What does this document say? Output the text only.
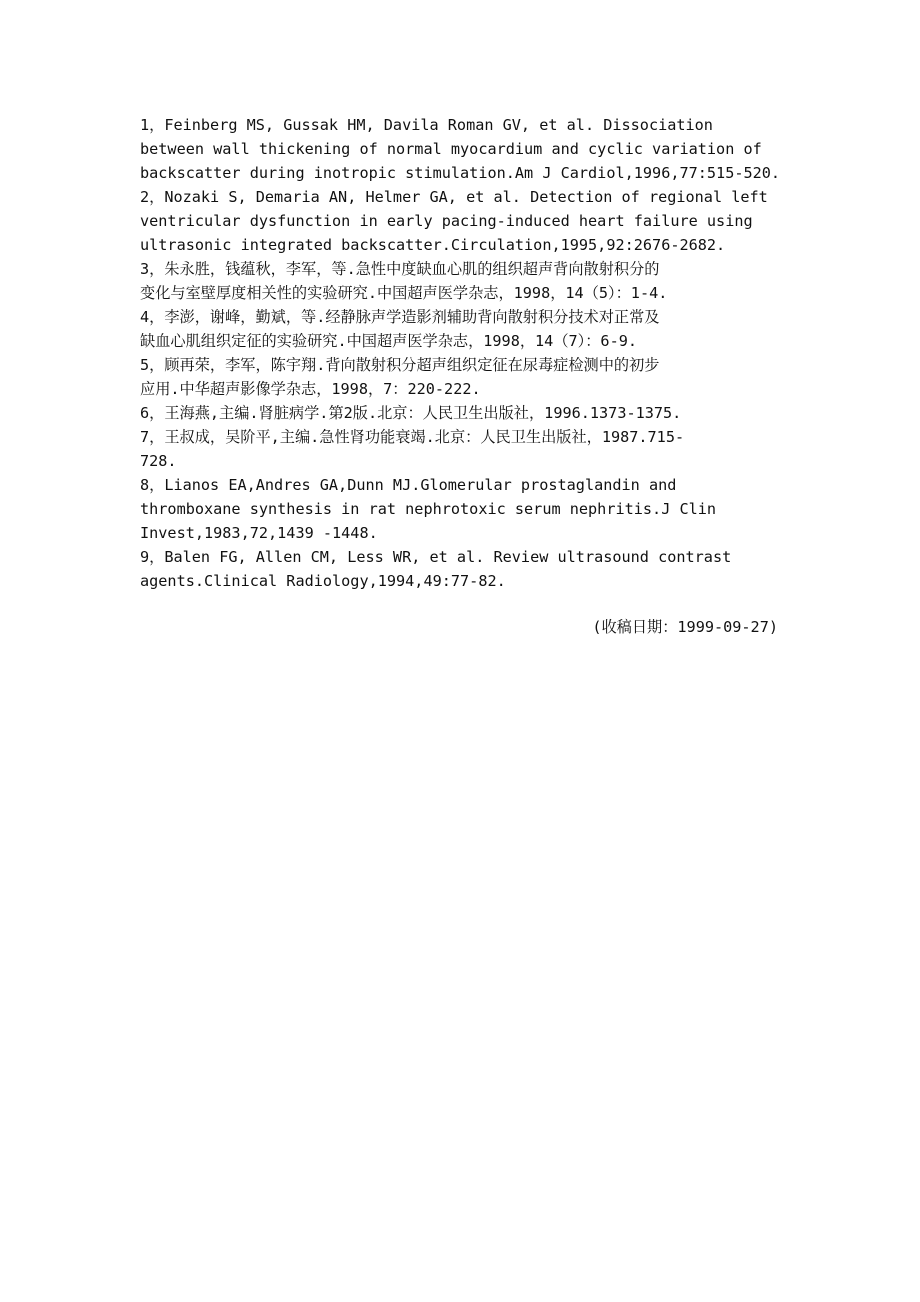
1，Feinberg MS, Gussak HM, Davila Roman GV, et al. Dissociation
between wall thickening of normal myocardium and cyclic variation of
backscatter during inotropic stimulation.Am J Cardiol,1996,77:515-520.

2，Nozaki S, Demaria AN, Helmer GA, et al. Detection of regional left
ventricular dysfunction in early pacing-induced heart failure using
ultrasonic integrated backscatter.Circulation,1995,92:2676-2682.

3，朱永胜，钱蕴秋，李军，等.急性中度缺血心肌的组织超声背向散射积分的
变化与室壁厚度相关性的实验研究.中国超声医学杂志，1998，14（5）：1-4.

4，李澎，谢峰，勤斌，等.经静脉声学造影剂辅助背向散射积分技术对正常及
缺血心肌组织定征的实验研究.中国超声医学杂志，1998，14（7）：6-9.

5，顾再荣，李军，陈宇翔.背向散射积分超声组织定征在尿毒症检测中的初步
应用.中华超声影像学杂志，1998，7：220-222.

6，王海燕,主编.肾脏病学.第2版.北京：人民卫生出版社，1996.1373-1375.

7，王叔成，吴阶平,主编.急性肾功能衰竭.北京：人民卫生出版社，1987.715-
728.

8，Lianos EA,Andres GA,Dunn MJ.Glomerular prostaglandin and
thromboxane synthesis in rat nephrotoxic serum nephritis.J Clin
Invest,1983,72,1439 -1448.

9，Balen FG, Allen CM, Less WR, et al. Review ultrasound contrast
agents.Clinical Radiology,1994,49:77-82.

(收稿日期：1999-09-27)
